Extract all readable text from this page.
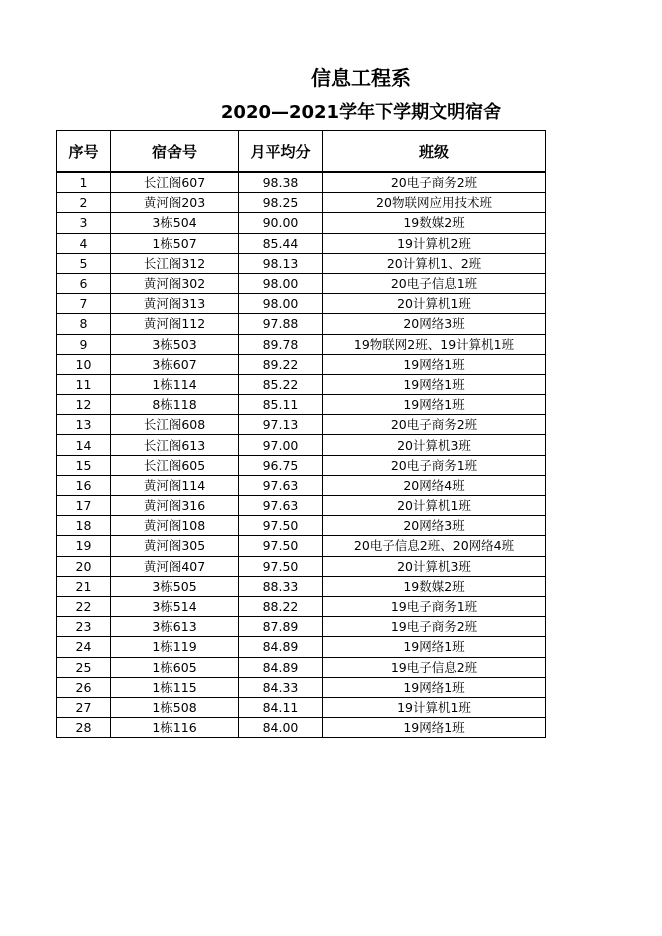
信息工程系
2020—2021学年下学期文明宿舍
序号	宿舍号	月平均分	班级
1	长江阁607	98.38	20电子商务2班
2	黄河阁203	98.25	20物联网应用技术班
3	3栋504	90.00	19数媒2班
4	1栋507	85.44	19计算机2班
5	长江阁312	98.13	20计算机1、2班
6	黄河阁302	98.00	20电子信息1班
7	黄河阁313	98.00	20计算机1班
8	黄河阁112	97.88	20网络3班
9	3栋503	89.78	19物联网2班、19计算机1班
10	3栋607	89.22	19网络1班
11	1栋114	85.22	19网络1班
12	8栋118	85.11	19网络1班
13	长江阁608	97.13	20电子商务2班
14	长江阁613	97.00	20计算机3班
15	长江阁605	96.75	20电子商务1班
16	黄河阁114	97.63	20网络4班
17	黄河阁316	97.63	20计算机1班
18	黄河阁108	97.50	20网络3班
19	黄河阁305	97.50	20电子信息2班、20网络4班
20	黄河阁407	97.50	20计算机3班
21	3栋505	88.33	19数媒2班
22	3栋514	88.22	19电子商务1班
23	3栋613	87.89	19电子商务2班
24	1栋119	84.89	19网络1班
25	1栋605	84.89	19电子信息2班
26	1栋115	84.33	19网络1班
27	1栋508	84.11	19计算机1班
28	1栋116	84.00	19网络1班
